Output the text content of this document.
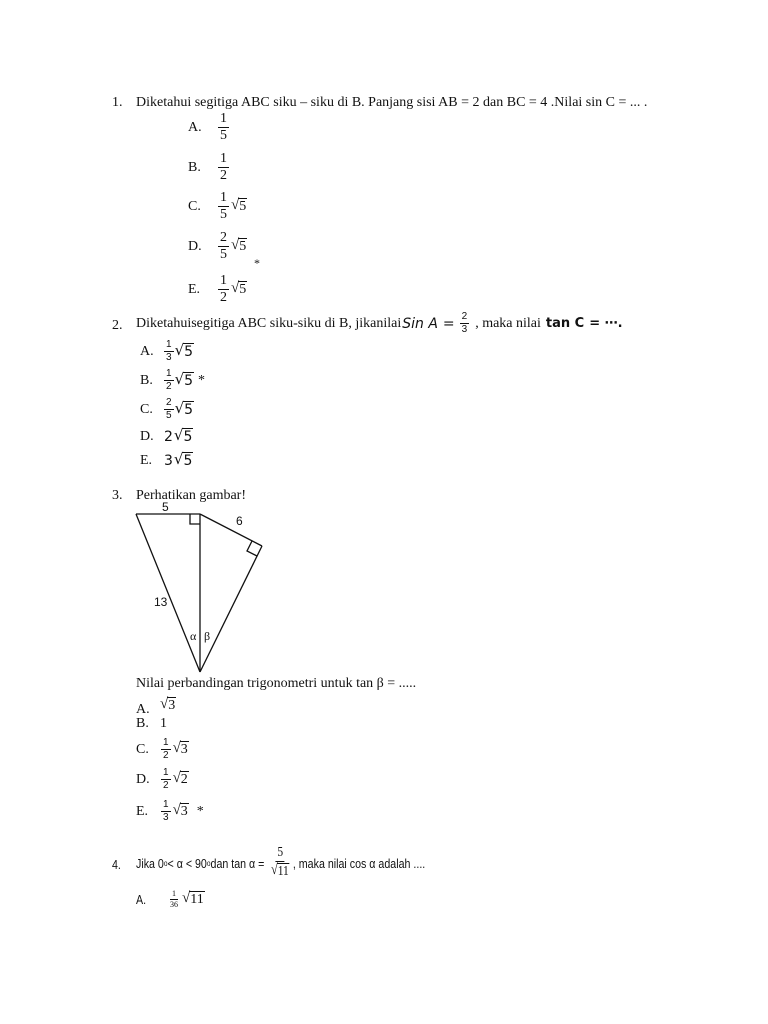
1. Diketahui segitiga ABC siku – siku di B. Panjang sisi AB = 2 dan BC = 4 .Nilai sin C = ... .
A.	$\frac{1}{5}$
B.	$\frac{1}{2}$
C.	$\frac{1}{5}$ √ 5
D.	$\frac{2}{5}$ √ 5
*
E.	$\frac{1}{2}$ √ 5
2. Diketahuisegitiga ABC siku-siku di B, jikanilai Sin $A = \frac{2}{3}$ , maka nilai tan C = ⋯.
A.	$\frac{1}{3}$ √ 5
B.	$\frac{1}{2}$ √ 5 *
C.	$\frac{2}{5}$ √ 5
D. 2 √ 5
E. 3 √ 5
3. Perhatikan gambar!
5
6
13
α β
Nilai perbandingan trigonometri untuk tan β = .....
A. √ 3
B. 1
C.	$\frac{1}{2}$ √ 3
D.	$\frac{1}{2}$ √ 2
E.	$\frac{1}{3}$ √ 3 *
4. Jika 0 o < α < 90 o dan $\tan \alpha = \frac{5}{√ 11}$ , maka nilai cos α adalah ....
A.	$\frac{1}{36}$ √ 11
